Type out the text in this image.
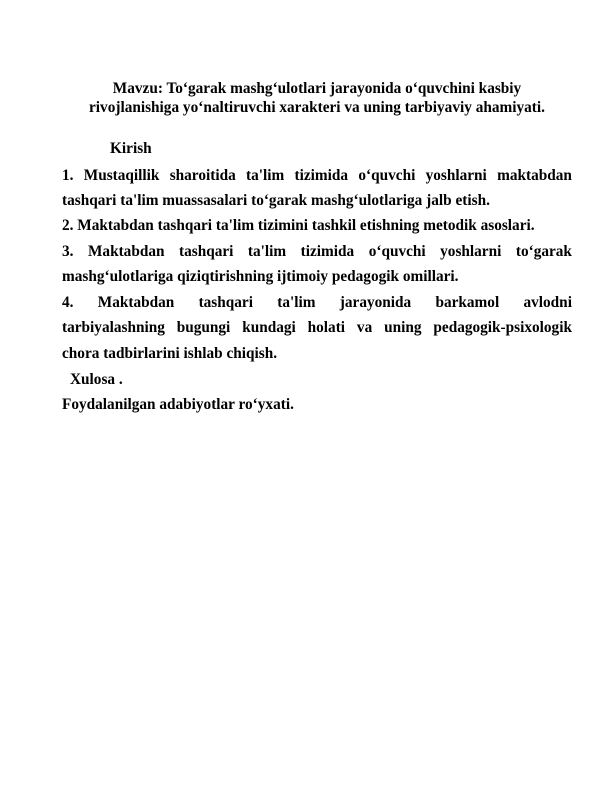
Mavzu: To‘garak mashg‘ulotlari jarayonida o‘quvchini kasbiy
rivojlanishiga yo‘naltiruvchi xarakteri va uning tarbiyaviy ahamiyati.
Kirish
1. Mustaqillik sharoitida ta'lim tizimida o‘quvchi yoshlarni maktabdan
tashqari ta'lim muassasalari to‘garak mashg‘ulotlariga jalb etish.
2. Maktabdan tashqari ta'lim tizimini tashkil etishning metodik asoslari.
3. Maktabdan tashqari ta'lim tizimida o‘quvchi yoshlarni to‘garak
mashg‘ulotlariga qiziqtirishning ijtimoiy pedagogik omillari.
4. Maktabdan tashqari ta'lim jarayonida barkamol avlodni
tarbiyalashning bugungi kundagi holati va uning pedagogik-psixologik
chora tadbirlarini ishlab chiqish.
Xulosa .
Foydalanilgan adabiyotlar ro‘yxati.
